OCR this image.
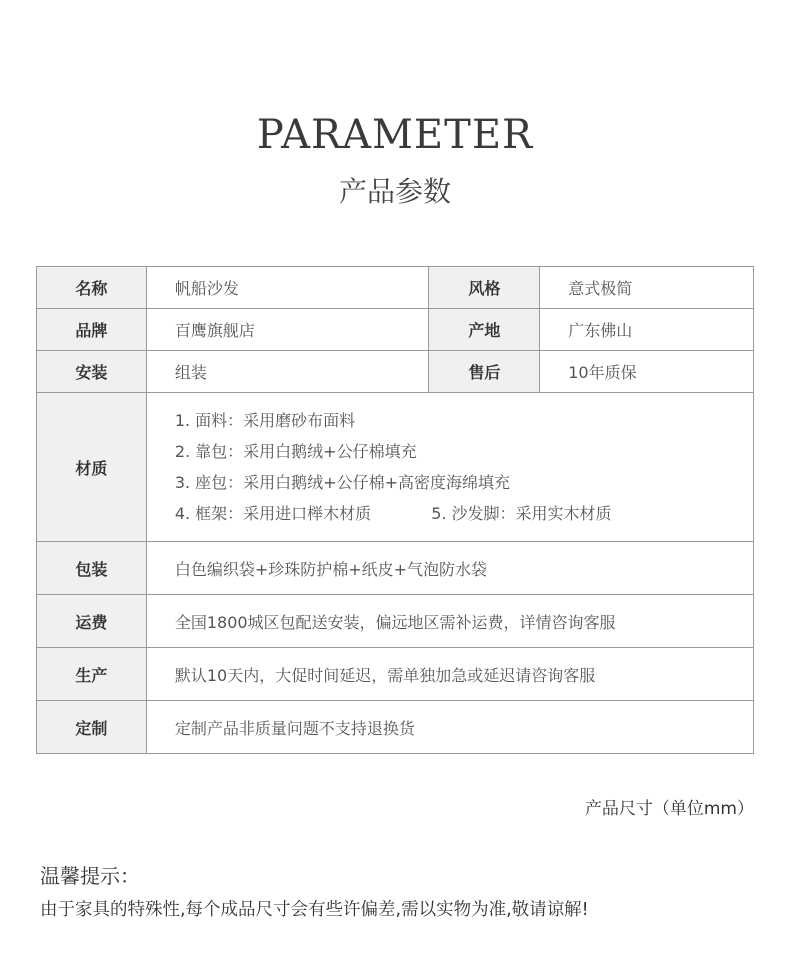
PARAMETER
产品参数
名称	帆船沙发	风格	意式极简
品牌	百鹰旗舰店	产地	广东佛山
安装	组装	售后	10年质保
材质	1. 面料：采用磨砂布面料
2. 靠包：采用白鹅绒+公仔棉填充
3. 座包：采用白鹅绒+公仔棉+高密度海绵填充
4. 框架：采用进口榉木材质 5. 沙发脚：采用实木材质		

包装	白色编织袋+珍珠防护棉+纸皮+气泡防水袋		
运费	全国1800城区包配送安装，偏远地区需补运费，详情咨询客服		
生产	默认10天内，大促时间延迟，需单独加急或延迟请咨询客服		
定制	定制产品非质量问题不支持退换货		
产品尺寸（单位mm）
温馨提示：
由于家具的特殊性,每个成品尺寸会有些许偏差,需以实物为准,敬请谅解!
